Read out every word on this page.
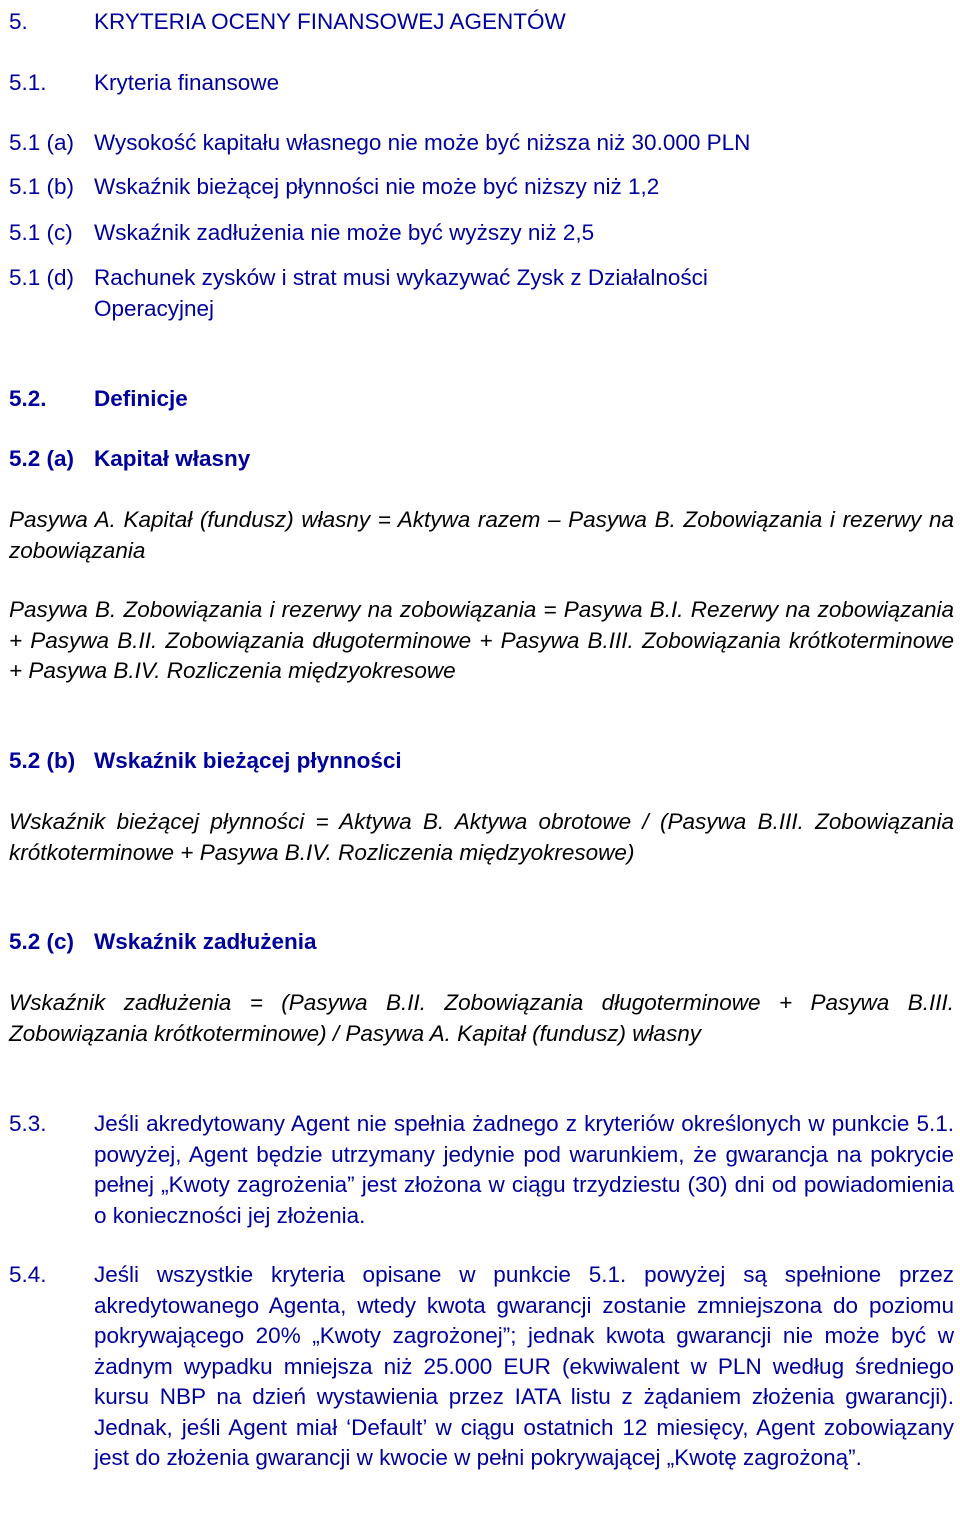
5.	KRYTERIA OCENY FINANSOWEJ AGENTÓW
5.1. Kryteria finansowe
5.1 (a) Wysokość kapitału własnego nie może być niższa niż 30.000 PLN
5.1 (b) Wskaźnik bieżącej płynności nie może być niższy niż 1,2
5.1 (c) Wskaźnik zadłużenia nie może być wyższy niż 2,5
5.1 (d) Rachunek zysków i strat musi wykazywać Zysk z Działalności Operacyjnej
5.2. Definicje
5.2 (a) Kapitał własny
Pasywa A. Kapitał (fundusz) własny = Aktywa razem – Pasywa B. Zobowiązania i rezerwy na zobowiązania
Pasywa B. Zobowiązania i rezerwy na zobowiązania = Pasywa B.I. Rezerwy na zobowiązania + Pasywa B.II. Zobowiązania długoterminowe + Pasywa B.III. Zobowiązania krótkoterminowe + Pasywa B.IV. Rozliczenia międzyokresowe
5.2 (b) Wskaźnik bieżącej płynności
Wskaźnik bieżącej płynności = Aktywa B. Aktywa obrotowe / (Pasywa B.III. Zobowiązania krótkoterminowe + Pasywa B.IV. Rozliczenia międzyokresowe)
5.2 (c) Wskaźnik zadłużenia
Wskaźnik zadłużenia = (Pasywa B.II. Zobowiązania długoterminowe + Pasywa B.III. Zobowiązania krótkoterminowe) / Pasywa A. Kapitał (fundusz) własny
5.3. Jeśli akredytowany Agent nie spełnia żadnego z kryteriów określonych w punkcie 5.1. powyżej, Agent będzie utrzymany jedynie pod warunkiem, że gwarancja na pokrycie pełnej „Kwoty zagrożenia” jest złożona w ciągu trzydziestu (30) dni od powiadomienia o konieczności jej złożenia.
5.4. Jeśli wszystkie kryteria opisane w punkcie 5.1. powyżej są spełnione przez akredytowanego Agenta, wtedy kwota gwarancji zostanie zmniejszona do poziomu pokrywającego 20% „Kwoty zagrożonej”; jednak kwota gwarancji nie może być w żadnym wypadku mniejsza niż 25.000 EUR (ekwiwalent w PLN według średniego kursu NBP na dzień wystawienia przez IATA listu z żądaniem złożenia gwarancji). Jednak, jeśli Agent miał ‘Default’ w ciągu ostatnich 12 miesięcy, Agent zobowiązany jest do złożenia gwarancji w kwocie w pełni pokrywającej „Kwotę zagrożoną”.
